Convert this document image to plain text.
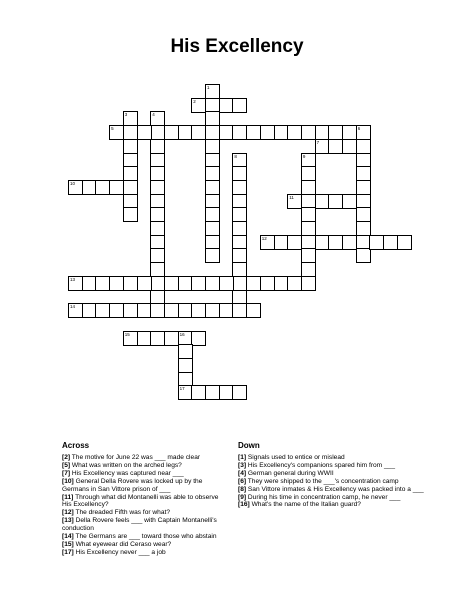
His Excellency
1
2
3	4
5	6
7
8	9
10
11
12
13
14
15	16
17
Across

[2] The motive for June 22 was ___ made clear

[5] What was written on the arched legs?

[7] His Excellency was captured near ___

[10] General Della Rovere was locked up by the Germans in San Vittore prison of ___

[11] Through what did Montanelli was able to observe His Excellency?

[12] The dreaded Fifth was for what?

[13] Della Rovere feels ___ with Captain Montanelli's conduction

[14] The Germans are ___ toward those who abstain

[15] What eyewear did Ceraso wear?

[17] His Excellency never ___ a job

Down

[1] Signals used to entice or mislead

[3] His Excellency's companions spared him from ___

[4] German general during WWII

[6] They were shipped to the ___'s concentration camp

[8] San Vittore inmates & His Excellency was packed into a ___

[9] During his time in concentration camp, he never ___

[16] What's the name of the Italian guard?
